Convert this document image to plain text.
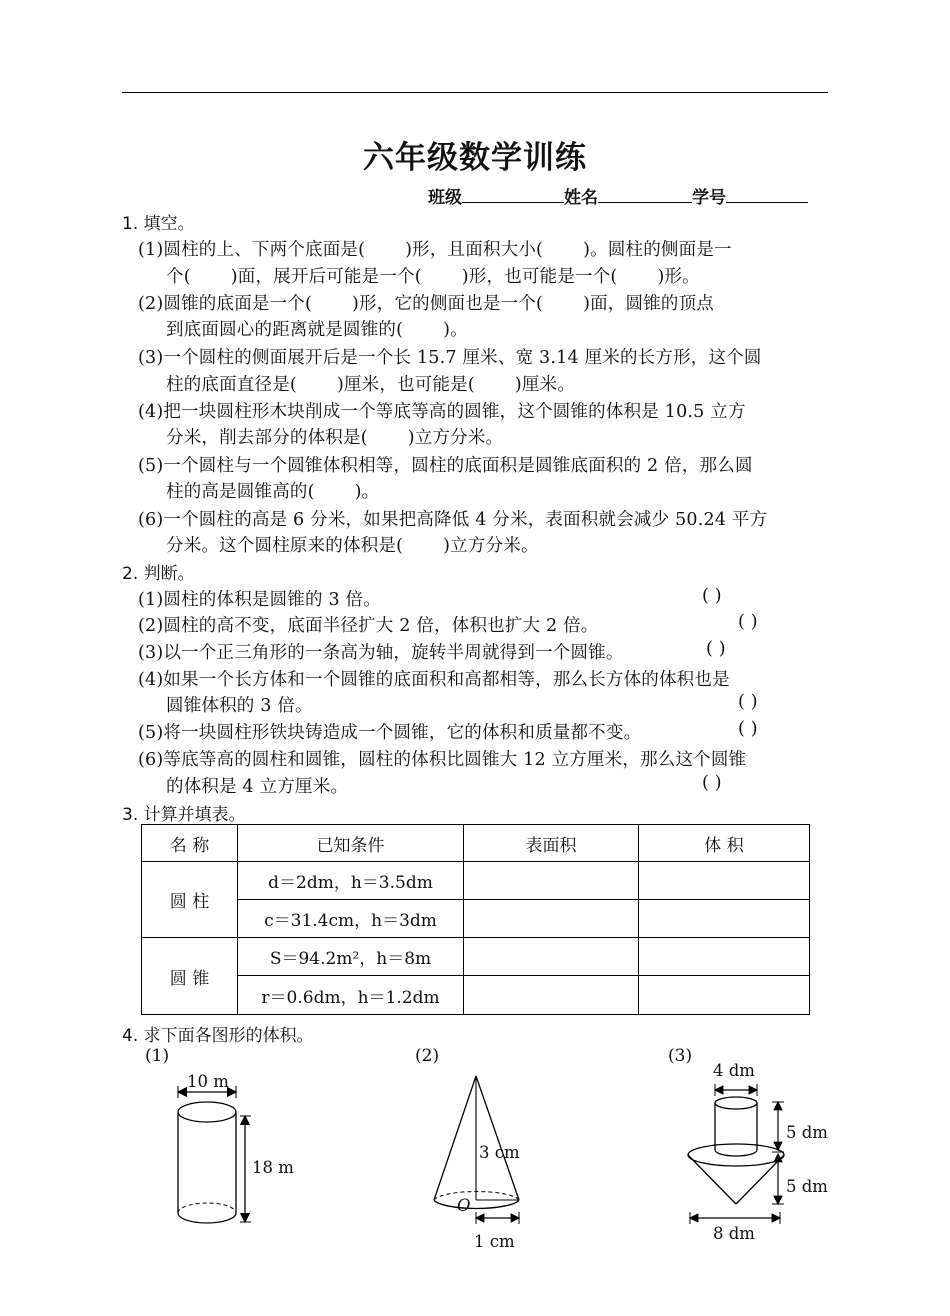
六年级数学训练
班级	姓名	学号
1. 填空。
(1)圆柱的上、下两个底面是( )形，且面积大小( )。圆柱的侧面是一
个( )面，展开后可能是一个( )形，也可能是一个( )形。
(2)圆锥的底面是一个( )形，它的侧面也是一个( )面，圆锥的顶点
到底面圆心的距离就是圆锥的( )。
(3)一个圆柱的侧面展开后是一个长 15.7 厘米、宽 3.14 厘米的长方形，这个圆
柱的底面直径是( )厘米，也可能是( )厘米。
(4)把一块圆柱形木块削成一个等底等高的圆锥，这个圆锥的体积是 10.5 立方
分米，削去部分的体积是( )立方分米。
(5)一个圆柱与一个圆锥体积相等，圆柱的底面积是圆锥底面积的 2 倍，那么圆
柱的高是圆锥高的( )。
(6)一个圆柱的高是 6 分米，如果把高降低 4 分米，表面积就会减少 50.24 平方
分米。这个圆柱原来的体积是( )立方分米。
2. 判断。
(1)圆柱的体积是圆锥的 3 倍。	( )
(2)圆柱的高不变，底面半径扩大 2 倍，体积也扩大 2 倍。	( )
(3)以一个正三角形的一条高为轴，旋转半周就得到一个圆锥。	( )
(4)如果一个长方体和一个圆锥的底面积和高都相等，那么长方体的体积也是
圆锥体积的 3 倍。	( )
(5)将一块圆柱形铁块铸造成一个圆锥，它的体积和质量都不变。	( )
(6)等底等高的圆柱和圆锥，圆柱的体积比圆锥大 12 立方厘米，那么这个圆锥
的体积是 4 立方厘米。	( )
3. 计算并填表。
名 称	已知条件	表面积	体 积
圆 柱	d＝2dm，h＝3.5dm		
	c＝31.4cm，h＝3dm		
圆 锥	S＝94.2m²，h＝8m		
	r＝0.6dm，h＝1.2dm		
4. 求下面各图形的体积。
(1)	(2)	(3)
10 m
18 m
3 cm
O
1 cm
4 dm
5 dm
5 dm
8 dm
